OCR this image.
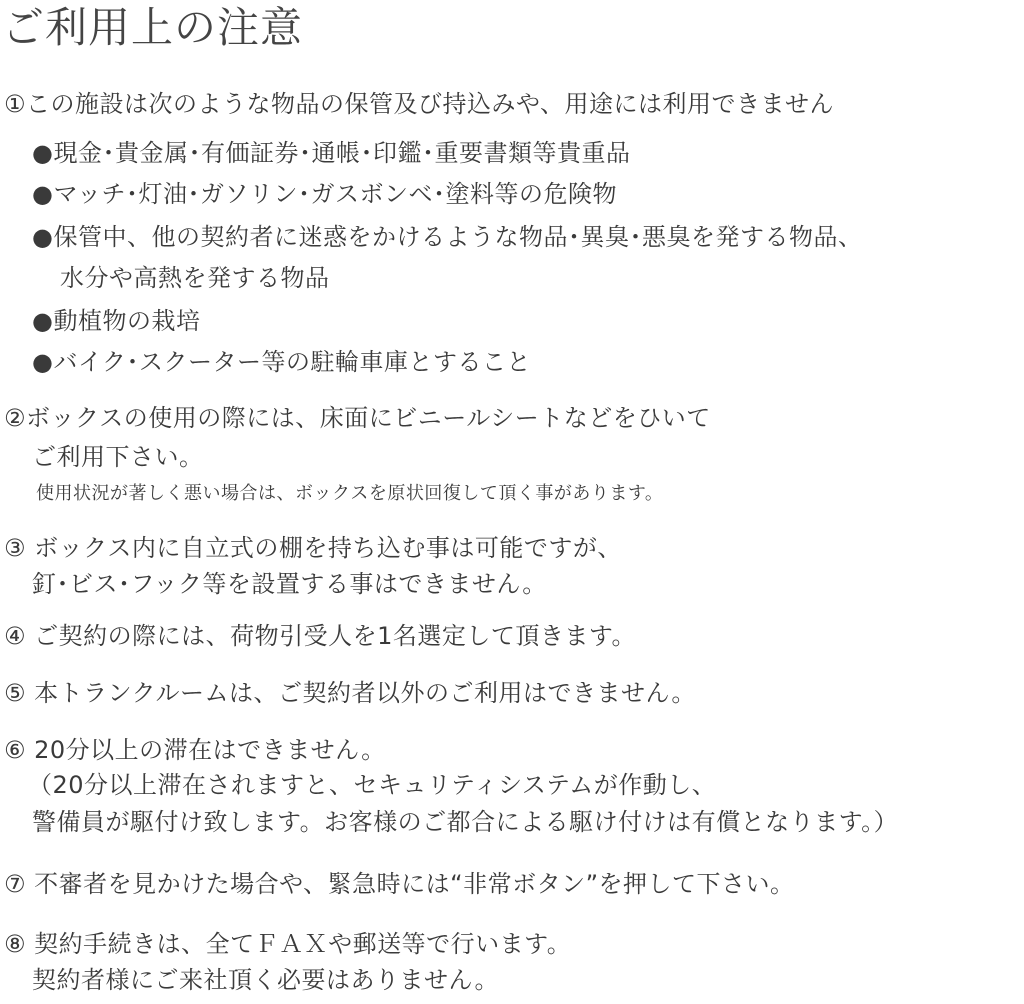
ご利用上の注意
①この施設は次のような物品の保管及び持込みや、用途には利用できません
●現金･貴金属･有価証券･通帳･印鑑･重要書類等貴重品
●マッチ･灯油･ガソリン･ガスボンベ･塗料等の危険物
●保管中、他の契約者に迷惑をかけるような物品･異臭･悪臭を発する物品、
水分や高熱を発する物品
●動植物の栽培
●バイク･スクーター等の駐輪車庫とすること
②ボックスの使用の際には、床面にビニールシートなどをひいて
ご利用下さい。
使用状況が著しく悪い場合は、ボックスを原状回復して頂く事があります。
③ ボックス内に自立式の棚を持ち込む事は可能ですが、
釘･ビス･フック等を設置する事はできません。
④ ご契約の際には、荷物引受人を1名選定して頂きます。
⑤ 本トランクルームは、ご契約者以外のご利用はできません。
⑥ 20分以上の滞在はできません。
（20分以上滞在されますと、セキュリティシステムが作動し、
警備員が駆付け致します。お客様のご都合による駆け付けは有償となります。）
⑦ 不審者を見かけた場合や、緊急時には“非常ボタン”を押して下さい。
⑧ 契約手続きは、全てＦＡＸや郵送等で行います。
契約者様にご来社頂く必要はありません。
